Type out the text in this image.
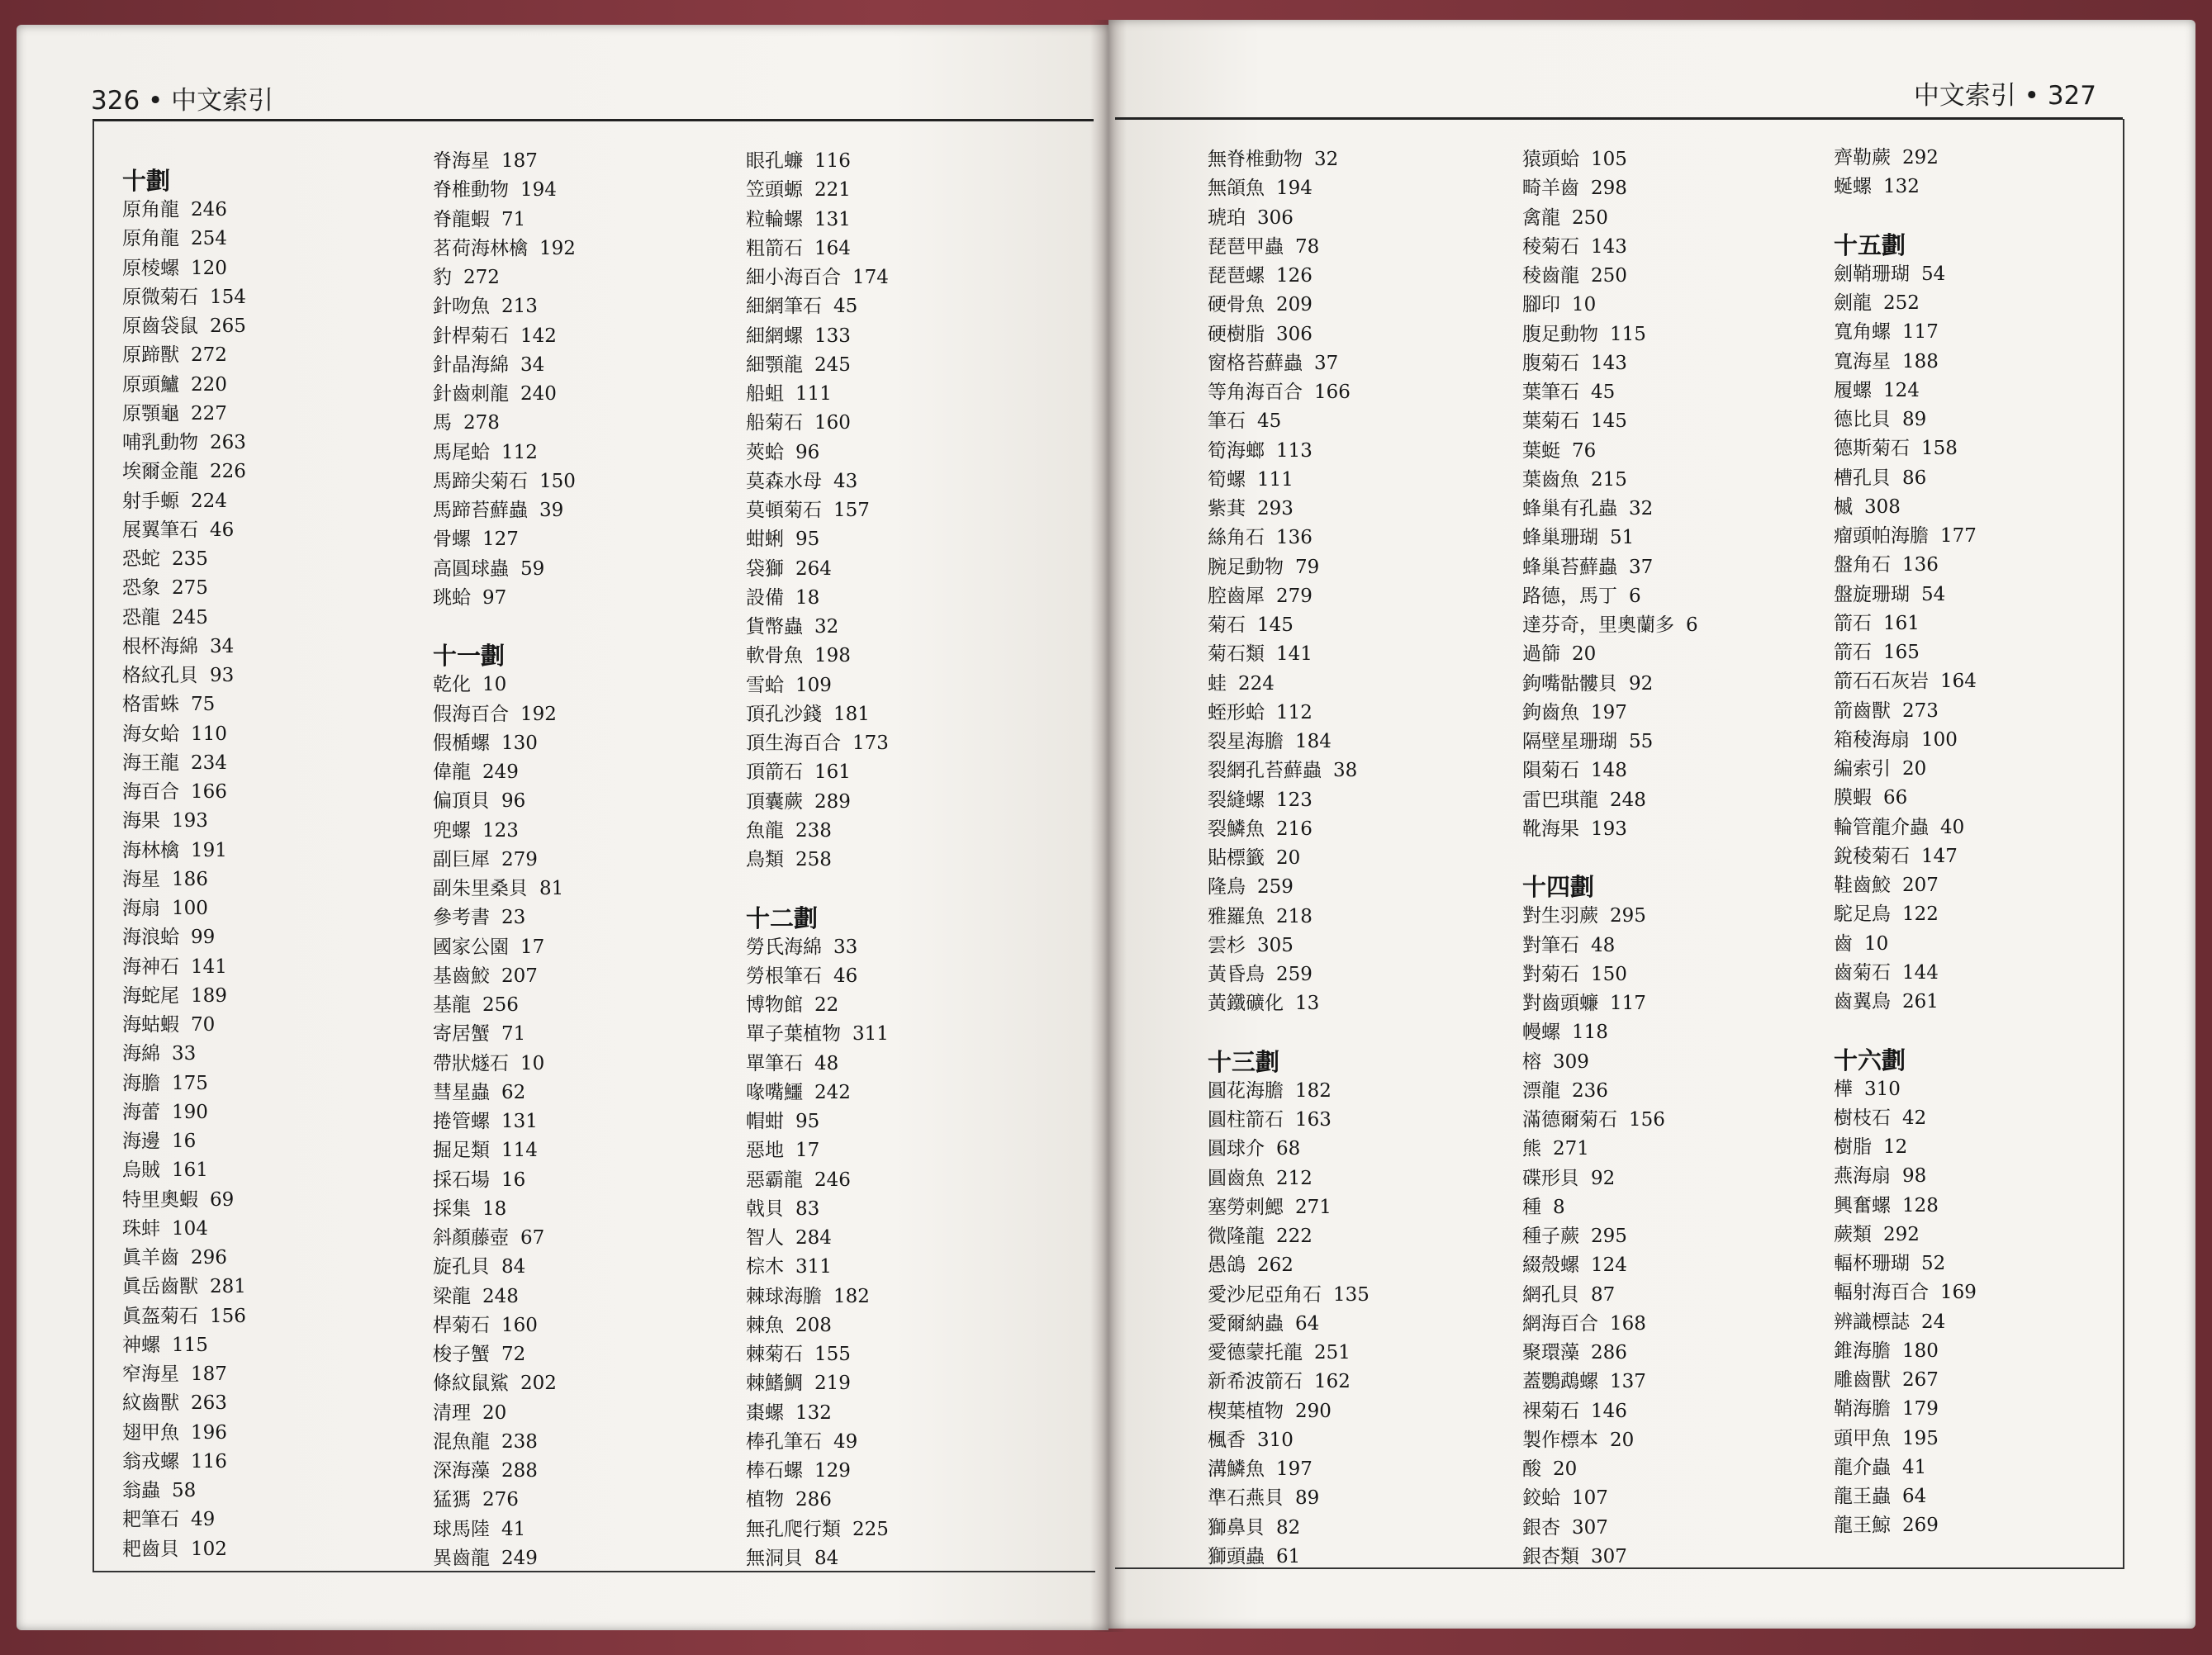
326 • 中文索引	中文索引 • 327
十劃
原角龍 246
原角龍 254
原棱螺 120
原微菊石 154
原齒袋鼠 265
原蹄獸 272
原頭鱸 220
原顎龜 227
哺乳動物 263
埃爾金龍 226
射手螈 224
展翼筆石 46
恐蛇 235
恐象 275
恐龍 245
根杯海綿 34
格紋孔貝 93
格雷蛛 75
海女蛤 110
海王龍 234
海百合 166
海果 193
海林檎 191
海星 186
海扇 100
海浪蛤 99
海神石 141
海蛇尾 189
海蛄蝦 70
海綿 33
海膽 175
海蕾 190
海邊 16
烏賊 161
特里奧蝦 69
珠蚌 104
眞羊齒 296
眞岳齒獸 281
眞盔菊石 156
神螺 115
窄海星 187
紋齒獸 263
翅甲魚 196
翁戎螺 116
翁蟲 58
耙筆石 49
耙齒貝 102
脊海星 187
脊椎動物 194
脊龍蝦 71
茗荷海林檎 192
豹 272
針吻魚 213
針桿菊石 142
針晶海綿 34
針齒刺龍 240
馬 278
馬尾蛤 112
馬蹄尖菊石 150
馬蹄苔蘚蟲 39
骨螺 127
高圓球蟲 59
珧蛤 97
十一劃
乾化 10
假海百合 192
假楯螺 130
偉龍 249
偏頂貝 96
兜螺 123
副巨犀 279
副朱里桑貝 81
參考書 23
國家公園 17
基齒鮫 207
基龍 256
寄居蟹 71
帶狀燧石 10
彗星蟲 62
捲管螺 131
掘足類 114
採石場 16
採集 18
斜顏藤壺 67
旋孔貝 84
梁龍 248
桿菊石 160
梭子蟹 72
條紋鼠鯊 202
清理 20
混魚龍 238
深海藻 288
猛獁 276
球馬陸 41
異齒龍 249
眼孔蠊 116
笠頭螈 221
粒輪螺 131
粗箭石 164
細小海百合 174
細網筆石 45
細網螺 133
細顎龍 245
船蛆 111
船菊石 160
莢蛤 96
莫森水母 43
莫頓菊石 157
蚶蜊 95
袋獅 264
設備 18
貨幣蟲 32
軟骨魚 198
雪蛤 109
頂孔沙錢 181
頂生海百合 173
頂箭石 161
頂囊蕨 289
魚龍 238
鳥類 258
十二劃
勞氏海綿 33
勞根筆石 46
博物館 22
單子葉植物 311
單筆石 48
喙嘴鱷 242
帽蚶 95
惡地 17
惡霸龍 246
戟貝 83
智人 284
棕木 311
棘球海膽 182
棘魚 208
棘菊石 155
棘鰭鯛 219
棗螺 132
棒孔筆石 49
棒石螺 129
植物 286
無孔爬行類 225
無洞貝 84
無脊椎動物 32
無頜魚 194
琥珀 306
琵琶甲蟲 78
琵琶螺 126
硬骨魚 209
硬樹脂 306
窗格苔蘚蟲 37
等角海百合 166
筆石 45
筍海螂 113
筍螺 111
紫萁 293
絲角石 136
腕足動物 79
腔齒犀 279
菊石 145
菊石類 141
蛙 224
蛭形蛤 112
裂星海膽 184
裂網孔苔蘚蟲 38
裂縫螺 123
裂鱗魚 216
貼標籤 20
隆鳥 259
雅羅魚 218
雲杉 305
黃昏鳥 259
黃鐵礦化 13
十三劃
圓花海膽 182
圓柱箭石 163
圓球介 68
圓齒魚 212
塞勞刺鰓 271
微隆龍 222
愚鴿 262
愛沙尼亞角石 135
愛爾納蟲 64
愛德蒙托龍 251
新希波箭石 162
楔葉植物 290
楓香 310
溝鱗魚 197
準石燕貝 89
獅鼻貝 82
獅頭蟲 61
猿頭蛤 105
畸羊齒 298
禽龍 250
稜菊石 143
稜齒龍 250
腳印 10
腹足動物 115
腹菊石 143
葉筆石 45
葉菊石 145
葉蜓 76
葉齒魚 215
蜂巢有孔蟲 32
蜂巢珊瑚 51
蜂巢苔蘚蟲 37
路德，馬丁 6
達芬奇，里奧蘭多 6
過篩 20
鉤嘴骷髏貝 92
鉤齒魚 197
隔壁星珊瑚 55
隕菊石 148
雷巴琪龍 248
靴海果 193
十四劃
對生羽蕨 295
對筆石 48
對菊石 150
對齒頭蠊 117
幔螺 118
榕 309
漂龍 236
滿德爾菊石 156
熊 271
碟形貝 92
種 8
種子蕨 295
綴殼螺 124
網孔貝 87
網海百合 168
聚環藻 286
蓋鸚鵡螺 137
裸菊石 146
製作標本 20
酸 20
鉸蛤 107
銀杏 307
銀杏類 307
齊勒蕨 292
蜒螺 132
十五劃
劍鞘珊瑚 54
劍龍 252
寬角螺 117
寬海星 188
履螺 124
德比貝 89
德斯菊石 158
槽孔貝 86
槭 308
瘤頭帕海膽 177
盤角石 136
盤旋珊瑚 54
箭石 161
箭石 165
箭石石灰岩 164
箭齒獸 273
箱稜海扇 100
編索引 20
膜蝦 66
輪管龍介蟲 40
銳稜菊石 147
鞋齒鮫 207
駝足鳥 122
齒 10
齒菊石 144
齒翼鳥 261
十六劃
樺 310
樹枝石 42
樹脂 12
燕海扇 98
興奮螺 128
蕨類 292
輻杯珊瑚 52
輻射海百合 169
辨識標誌 24
錐海膽 180
雕齒獸 267
鞘海膽 179
頭甲魚 195
龍介蟲 41
龍王蟲 64
龍王鯨 269
